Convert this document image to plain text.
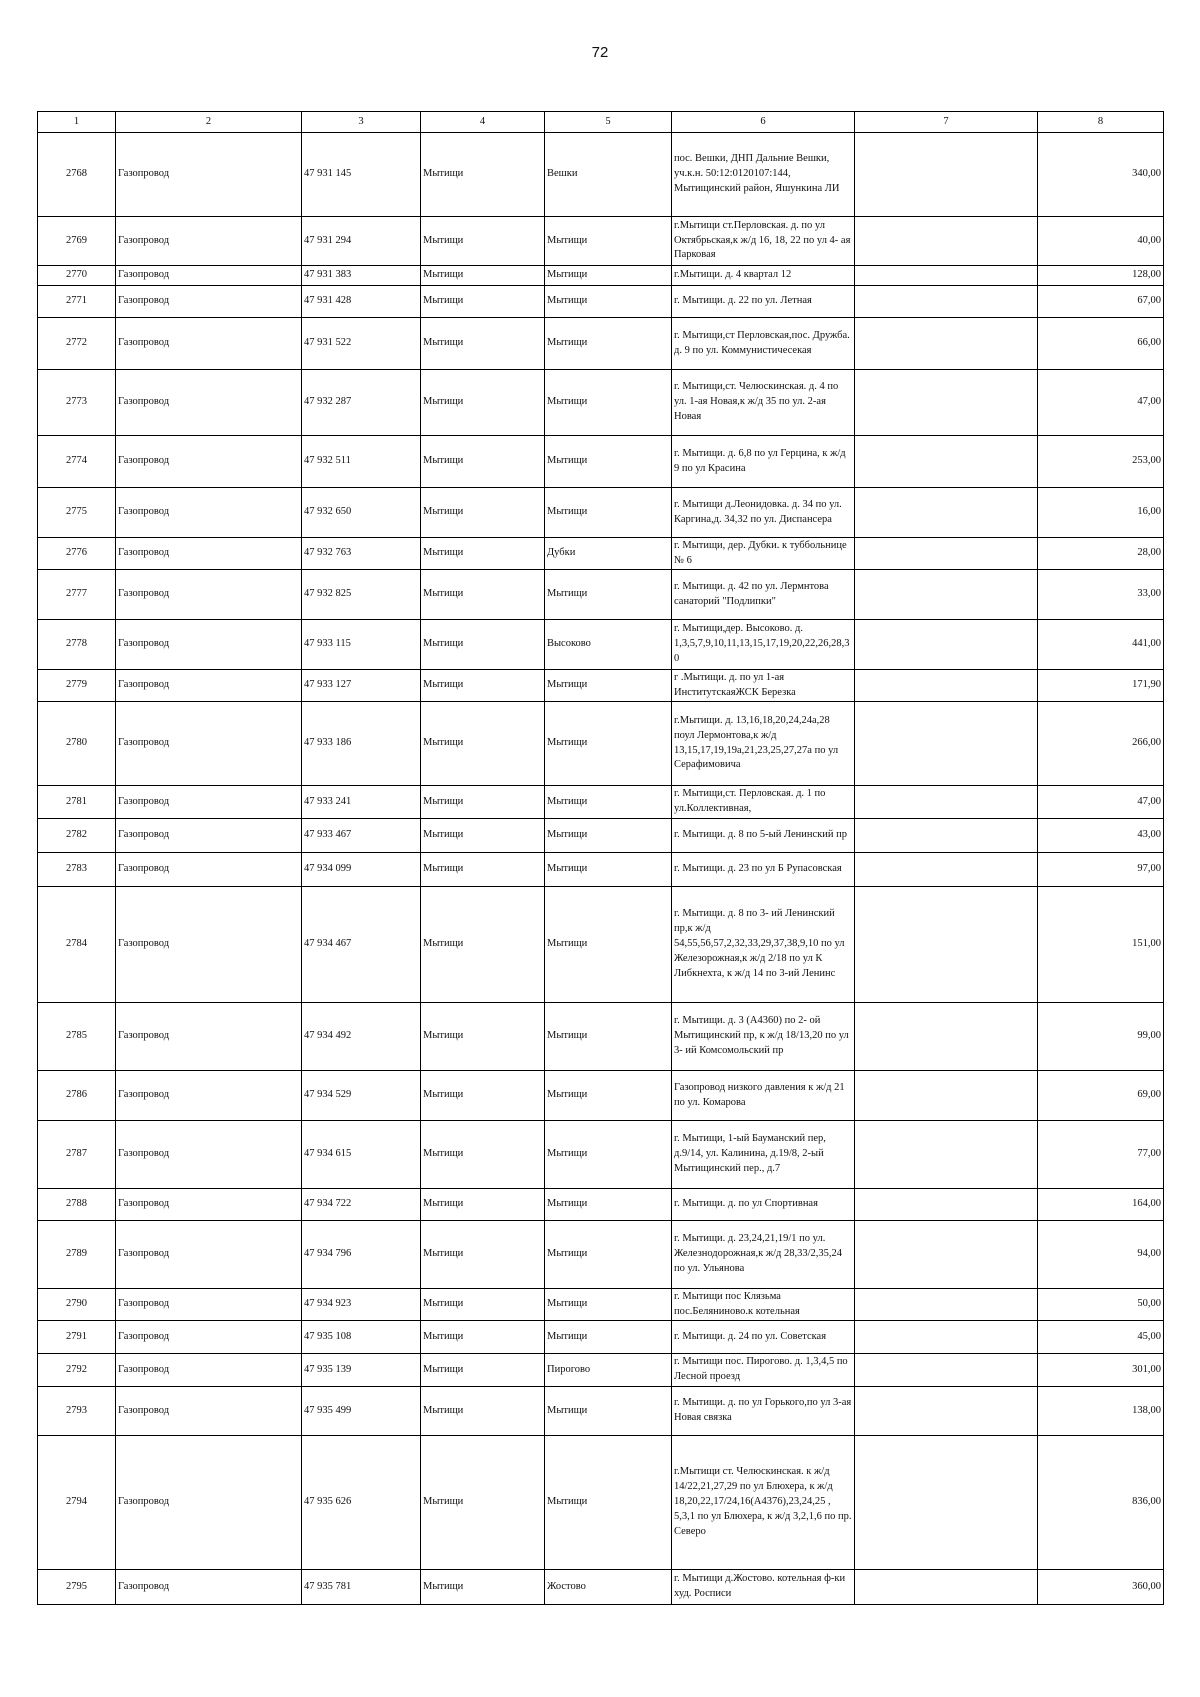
72
1	2	3	4	5	6	7	8
2768	Газопровод	47 931 145	Мытищи	Вешки	пос. Вешки, ДНП Дальние Вешки, уч.к.н. 50:12:0120107:144, Мытищинский район, Яшункина ЛИ		340,00
2769	Газопровод	47 931 294	Мытищи	Мытищи	г.Мытищи ст.Перловская. д. по ул Октябрьская,к ж/д 16, 18, 22 по ул 4- ая Парковая		40,00
2770	Газопровод	47 931 383	Мытищи	Мытищи	г.Мытищи. д. 4 квартал 12		128,00
2771	Газопровод	47 931 428	Мытищи	Мытищи	г. Мытищи. д. 22 по ул. Летная		67,00
2772	Газопровод	47 931 522	Мытищи	Мытищи	г. Мытищи,ст Перловская,пос. Дружба. д. 9 по ул. Коммунистичесекая		66,00
2773	Газопровод	47 932 287	Мытищи	Мытищи	г. Мытищи,ст. Челюскинская. д. 4 по ул. 1-ая Новая,к ж/д 35 по ул. 2-ая Новая		47,00
2774	Газопровод	47 932 511	Мытищи	Мытищи	г. Мытищи. д. 6,8 по ул Герцина, к ж/д 9 по ул Красина		253,00
2775	Газопровод	47 932 650	Мытищи	Мытищи	г. Мытищи д.Леонидовка. д. 34 по ул. Каргина,д. 34,32 по ул. Диспансера		16,00
2776	Газопровод	47 932 763	Мытищи	Дубки	г. Мытищи, дер. Дубки. к туббольнице № 6		28,00
2777	Газопровод	47 932 825	Мытищи	Мытищи	г. Мытищи. д. 42 по ул. Лермнтова санаторий "Подлипки"		33,00
2778	Газопровод	47 933 115	Мытищи	Высоково	г. Мытищи,дер. Высоково. д. 1,3,5,7,9,10,11,13,15,17,19,20,22,26,28,30		441,00
2779	Газопровод	47 933 127	Мытищи	Мытищи	г .Мытищи. д. по ул 1-ая ИнститутскаяЖСК Березка		171,90
2780	Газопровод	47 933 186	Мытищи	Мытищи	г.Мытищи. д. 13,16,18,20,24,24а,28 поул Лермонтова,к ж/д 13,15,17,19,19а,21,23,25,27,27а по ул Серафимовича		266,00
2781	Газопровод	47 933 241	Мытищи	Мытищи	г. Мытищи,ст. Перловская. д. 1 по ул.Коллективная,		47,00
2782	Газопровод	47 933 467	Мытищи	Мытищи	г. Мытищи. д. 8 по 5-ый Ленинский пр		43,00
2783	Газопровод	47 934 099	Мытищи	Мытищи	г. Мытищи. д. 23 по ул Б Рупасовская		97,00
2784	Газопровод	47 934 467	Мытищи	Мытищи	г. Мытищи. д. 8 по 3- ий Ленинский пр,к ж/д 54,55,56,57,2,32,33,29,37,38,9,10 по ул Железорожная,к ж/д 2/18 по ул К Либкнехта, к ж/д 14 по 3-ий Ленинс		151,00
2785	Газопровод	47 934 492	Мытищи	Мытищи	г. Мытищи. д. 3 (А4360) по 2- ой Мытищинский пр, к ж/д 18/13,20 по ул 3- ий Комсомольский пр		99,00
2786	Газопровод	47 934 529	Мытищи	Мытищи	Газопровод низкого давления к ж/д 21 по ул. Комарова		69,00
2787	Газопровод	47 934 615	Мытищи	Мытищи	г. Мытищи, 1-ый Бауманский пер, д.9/14, ул. Калинина, д.19/8, 2-ый Мытищинский пер., д.7		77,00
2788	Газопровод	47 934 722	Мытищи	Мытищи	г. Мытищи. д. по ул Спортивная		164,00
2789	Газопровод	47 934 796	Мытищи	Мытищи	г. Мытищи. д. 23,24,21,19/1 по ул. Железнодорожная,к ж/д 28,33/2,35,24 по ул. Ульянова		94,00
2790	Газопровод	47 934 923	Мытищи	Мытищи	г. Мытищи пос Клязьма пос.Беляниново.к котельная		50,00
2791	Газопровод	47 935 108	Мытищи	Мытищи	г. Мытищи. д. 24 по ул. Советская		45,00
2792	Газопровод	47 935 139	Мытищи	Пирогово	г. Мытищи пос. Пирогово. д. 1,3,4,5 по Лесной проезд		301,00
2793	Газопровод	47 935 499	Мытищи	Мытищи	г. Мытищи. д. по ул Горького,по ул 3-ая Новая связка		138,00
2794	Газопровод	47 935 626	Мытищи	Мытищи	г.Мытищи ст. Челюскинская. к ж/д 14/22,21,27,29 по ул Блюхера, к ж/д 18,20,22,17/24,16(А4376),23,24,25 , 5,3,1 по ул Блюхера, к ж/д 3,2,1,6 по пр. Северо		836,00
2795	Газопровод	47 935 781	Мытищи	Жостово	г. Мытищи д.Жостово. котельная ф-ки худ. Росписи		360,00
